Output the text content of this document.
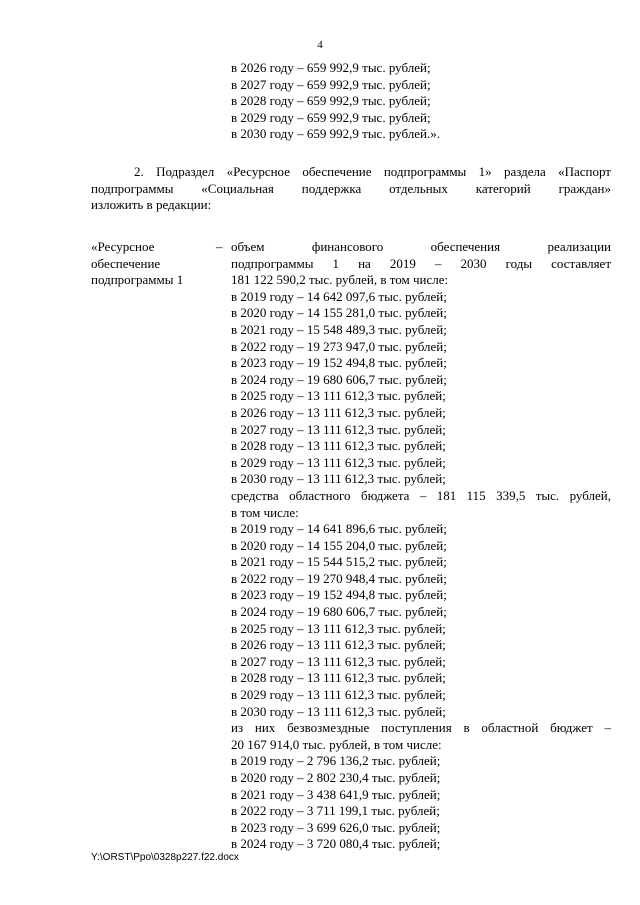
4
в 2026 году – 659 992,9 тыс. рублей;
в 2027 году – 659 992,9 тыс. рублей;
в 2028 году – 659 992,9 тыс. рублей;
в 2029 году – 659 992,9 тыс. рублей;
в 2030 году – 659 992,9 тыс. рублей.».
2. Подраздел «Ресурсное обеспечение подпрограммы 1» раздела «Паспорт
подпрограммы «Социальная поддержка отдельных категорий граждан»
изложить в редакции:
«Ресурсное
обеспечение
подпрограммы 1
– объем финансового обеспечения реализации
подпрограммы 1 на 2019 – 2030 годы составляет
181 122 590,2 тыс. рублей, в том числе:
в 2019 году – 14 642 097,6 тыс. рублей;
в 2020 году – 14 155 281,0 тыс. рублей;
в 2021 году – 15 548 489,3 тыс. рублей;
в 2022 году – 19 273 947,0 тыс. рублей;
в 2023 году – 19 152 494,8 тыс. рублей;
в 2024 году – 19 680 606,7 тыс. рублей;
в 2025 году – 13 111 612,3 тыс. рублей;
в 2026 году – 13 111 612,3 тыс. рублей;
в 2027 году – 13 111 612,3 тыс. рублей;
в 2028 году – 13 111 612,3 тыс. рублей;
в 2029 году – 13 111 612,3 тыс. рублей;
в 2030 году – 13 111 612,3 тыс. рублей;
средства областного бюджета – 181 115 339,5 тыс. рублей,
в том числе:
в 2019 году – 14 641 896,6 тыс. рублей;
в 2020 году – 14 155 204,0 тыс. рублей;
в 2021 году – 15 544 515,2 тыс. рублей;
в 2022 году – 19 270 948,4 тыс. рублей;
в 2023 году – 19 152 494,8 тыс. рублей;
в 2024 году – 19 680 606,7 тыс. рублей;
в 2025 году – 13 111 612,3 тыс. рублей;
в 2026 году – 13 111 612,3 тыс. рублей;
в 2027 году – 13 111 612,3 тыс. рублей;
в 2028 году – 13 111 612,3 тыс. рублей;
в 2029 году – 13 111 612,3 тыс. рублей;
в 2030 году – 13 111 612,3 тыс. рублей;
из них безвозмездные поступления в областной бюджет –
20 167 914,0 тыс. рублей, в том числе:
в 2019 году – 2 796 136,2 тыс. рублей;
в 2020 году – 2 802 230,4 тыс. рублей;
в 2021 году – 3 438 641,9 тыс. рублей;
в 2022 году – 3 711 199,1 тыс. рублей;
в 2023 году – 3 699 626,0 тыс. рублей;
в 2024 году – 3 720 080,4 тыс. рублей;
Y:\ORST\Ppo\0328p227.f22.docx
